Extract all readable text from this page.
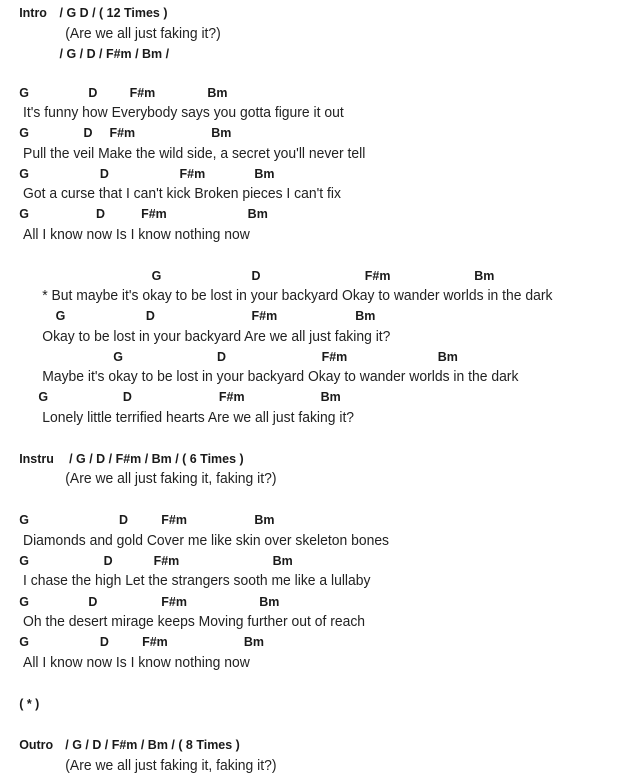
Intro / G D / ( 12 Times )
(Are we all just faking it?)
/ G / D / F#m / Bm /
G	D F#m	Bm
It's funny how Everybody says you gotta figure it out
G	D F#m	Bm
Pull the veil Make the wild side, a secret you'll never tell
G	D	F#m	Bm
Got a curse that I can't kick Broken pieces I can't fix
G	D	F#m	Bm
All I know now Is I know nothing now
G	D	F#m	Bm
* But maybe it's okay to be lost in your backyard Okay to wander worlds in the dark
G	D	F#m	Bm
Okay to be lost in your backyard Are we all just faking it?
G	D	F#m	Bm
Maybe it's okay to be lost in your backyard Okay to wander worlds in the dark
G	D	F#m	Bm
Lonely little terrified hearts Are we all just faking it?
Instru / G / D / F#m / Bm / ( 6 Times )
(Are we all just faking it, faking it?)
G	D	F#m	Bm
Diamonds and gold Cover me like skin over skeleton bones
G	D	F#m	Bm
I chase the high Let the strangers sooth me like a lullaby
G	D	F#m	Bm
Oh the desert mirage keeps Moving further out of reach
G	D	F#m	Bm
All I know now Is I know nothing now
( * )
Outro / G / D / F#m / Bm / ( 8 Times )
(Are we all just faking it, faking it?)
